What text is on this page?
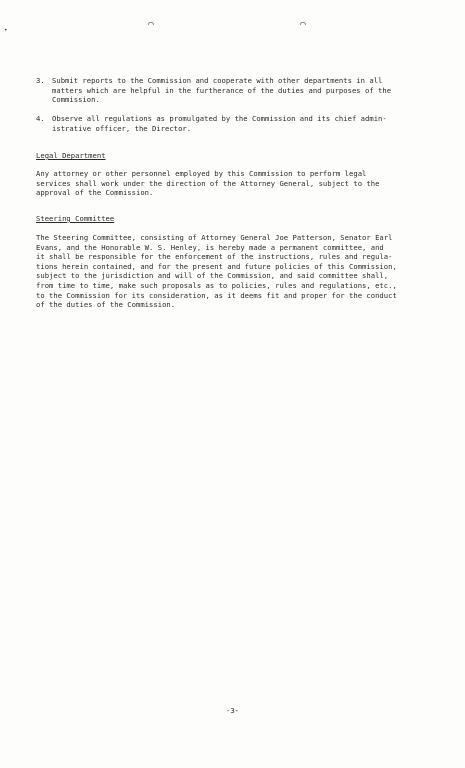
⌒	⌒
•
3. Submit reports to the Commission and cooperate with other departments in all
matters which are helpful in the furtherance of the duties and purposes of the
Commission.
4. Observe all regulations as promulgated by the Commission and its chief admin-
istrative officer, the Director.
Legal Department
Any attorney or other personnel employed by this Commission to perform legal
services shall work under the direction of the Attorney General, subject to the
approval of the Commission.
Steering Committee
The Steering Committee, consisting of Attorney General Joe Patterson, Senator Earl
Evans, and the Honorable W. S. Henley, is hereby made a permanent committee, and
it shall be responsible for the enforcement of the instructions, rules and regula-
tions herein contained, and for the present and future policies of this Commission,
subject to the jurisdiction and will of the Commission, and said committee shall,
from time to time, make such proposals as to policies, rules and regulations, etc.,
to the Commission for its consideration, as it deems fit and proper for the conduct
of the duties of the Commission.
-3-
